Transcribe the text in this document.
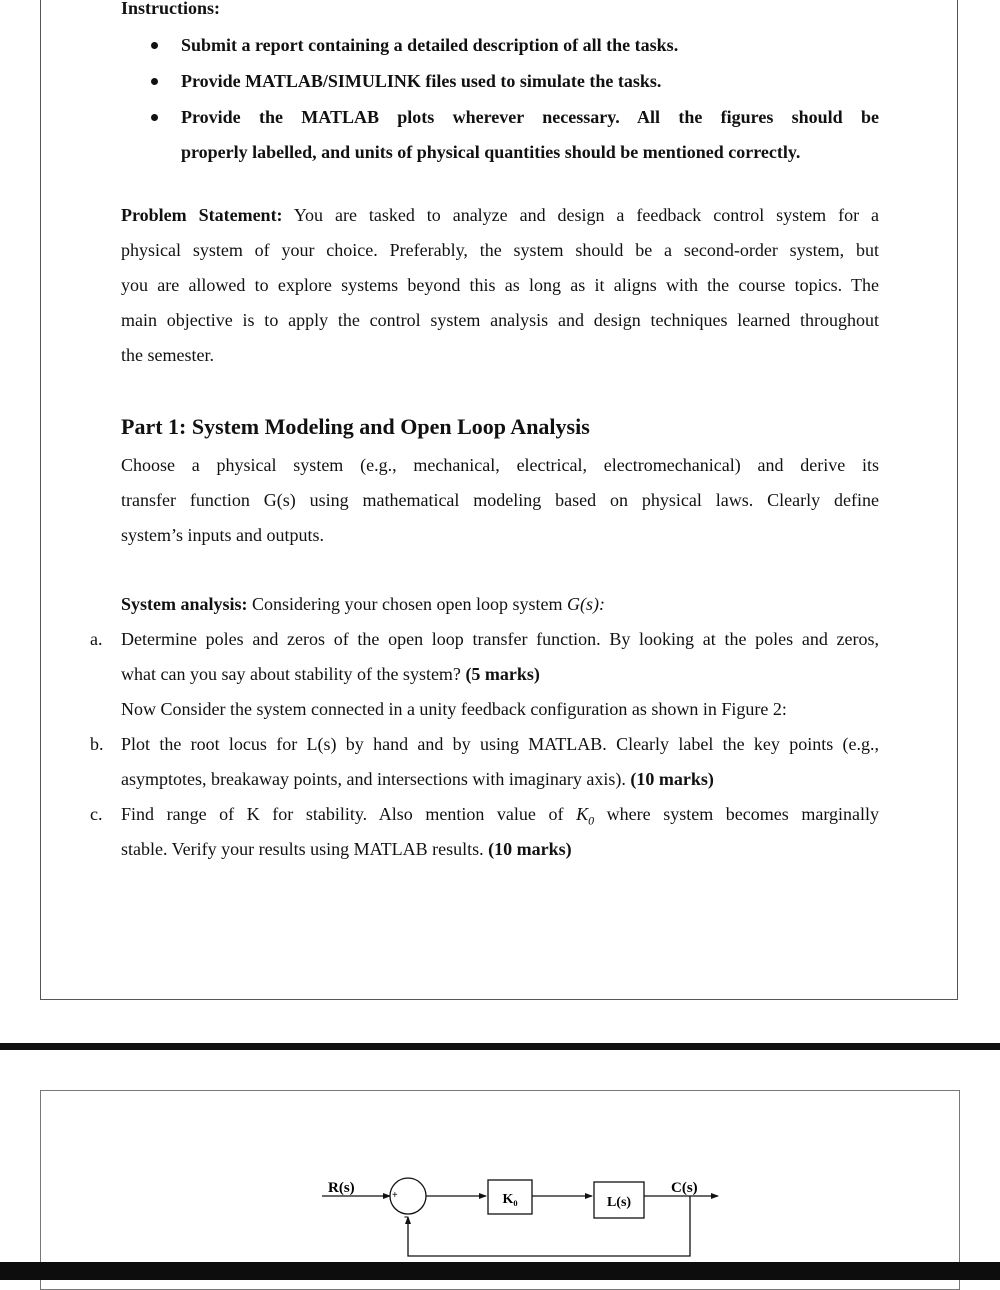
Instructions:

Submit a report containing a detailed description of all the tasks.

Provide MATLAB/SIMULINK files used to simulate the tasks.

Provide the MATLAB plots wherever necessary. All the figures should be

properly labelled, and units of physical quantities should be mentioned correctly.

Problem Statement: You are tasked to analyze and design a feedback control system for a

physical system of your choice. Preferably, the system should be a second-order system, but

you are allowed to explore systems beyond this as long as it aligns with the course topics. The

main objective is to apply the control system analysis and design techniques learned throughout

the semester.

Part 1: System Modeling and Open Loop Analysis

Choose a physical system (e.g., mechanical, electrical, electromechanical) and derive its

transfer function G(s) using mathematical modeling based on physical laws. Clearly define

system’s inputs and outputs.

System analysis: Considering your chosen open loop system G(s):

a. Determine poles and zeros of the open loop transfer function. By looking at the poles and zeros,

what can you say about stability of the system? (5 marks)

Now Consider the system connected in a unity feedback configuration as shown in Figure 2:

b. Plot the root locus for L(s) by hand and by using MATLAB. Clearly label the key points (e.g.,

asymptotes, breakaway points, and intersections with imaginary axis). (10 marks)

c. Find range of K for stability. Also mention value of $K_0$ where system becomes marginally

stable. Verify your results using MATLAB results. (10 marks)

R(s)	+
-
K₀	L(s)
C(s)
